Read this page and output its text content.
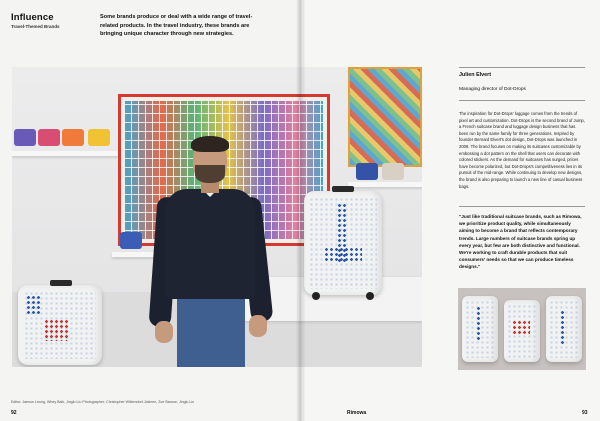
Influence
Travel-Themed Brands
Some brands produce or deal with a wide range of travel-related products. In the travel industry, these brands are bringing unique character through new strategies.
Editor: Jaesun Leung, Whey Baik, Jinglu Liu Photographer: Christopher Willemdorf-Jokinen, Zoe Baroue, Jinglu Liu
92
Julien Elvert
Managing director of Dot-Drops
The inspiration for Dot-Drops' luggage comes from the trends of pixel art and customization. Dot-Drops is the second brand of Jump, a French suitcase brand and luggage design business that has been run by the same family for three generations. Inspired by founder Bernard Elvert's dot design, Dot-Drops was launched in 2008. The brand focuses on making its suitcases customizable by embossing a dot pattern on the shell that users can decorate with colored stickers. As the demand for suitcases has surged, prices have become polarized, but Dot-Drops's competitiveness lies in its pursuit of the mid-range. While continuing to develop new designs, the brand is also preparing to launch a new line of casual business bags.
"Just like traditional suitcase brands, such as Rimowa, we prioritize product quality, while simultaneously aiming to become a brand that reflects contemporary trends. Large numbers of suitcase brands spring up every year, but few are both distinctive and functional. We're working to craft durable products that suit consumers' needs so that we can produce timeless designs."
Rimowa	93
